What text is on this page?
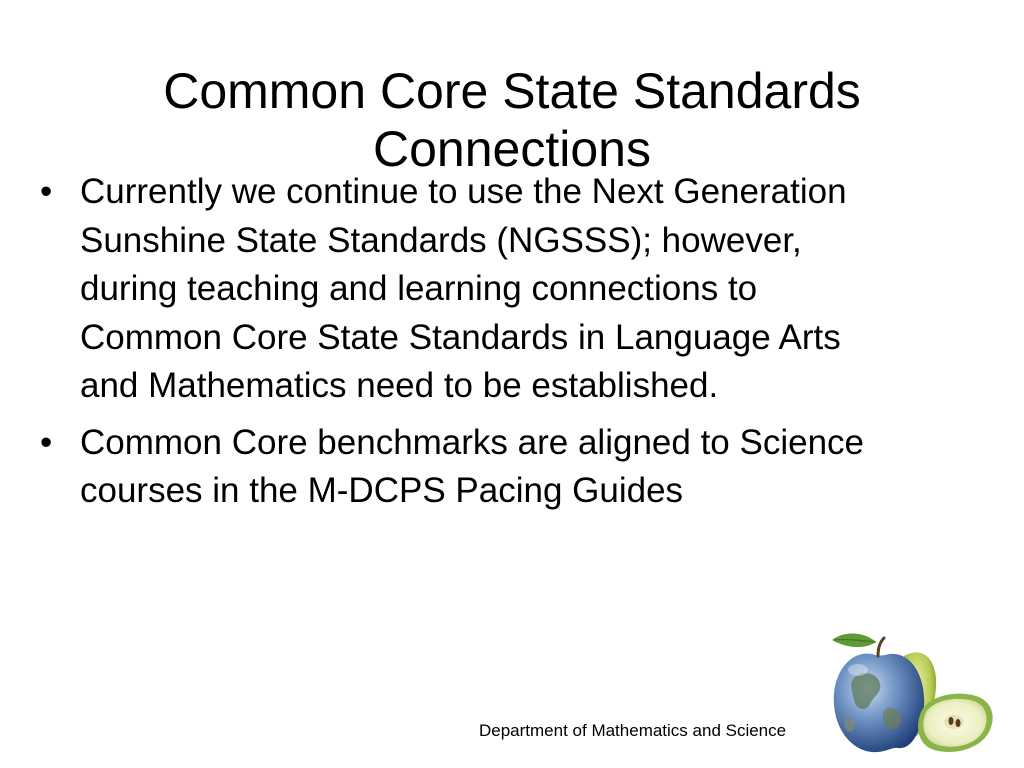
Common Core State Standards
Connections
• Currently we continue to use the Next Generation
Sunshine State Standards (NGSSS); however,
during teaching and learning connections to
Common Core State Standards in Language Arts
and Mathematics need to be established.
• Common Core benchmarks are aligned to Science
courses in the M-DCPS Pacing Guides
Department of Mathematics and Science
